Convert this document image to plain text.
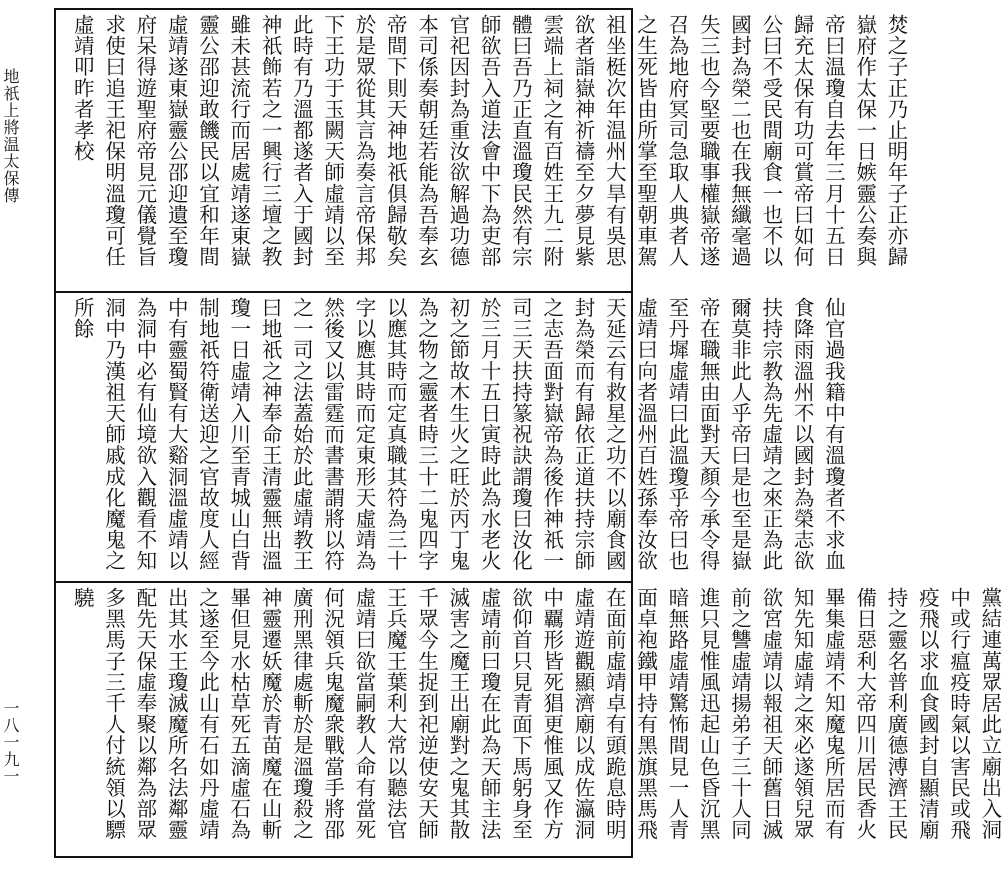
地祇上將温太保傳
一八一九一
焚之子正乃止明年子正亦歸嶽府作太保一日嫉靈公奏與帝曰温瓊自去年三月十五日歸充太保有功可賞帝曰如何公曰不受民間廟食一也不以國封為榮二也在我無纖毫過失三也今堅要職事權嶽帝遂召為地府冥司急取人典者人之生死皆由所掌至聖朝車駕祖坐梃次年温州大旱有吳思欲者詣嶽神祈禱至夕夢見紫雲端上祠之有百姓王九二附體曰吾乃正直溫瓊民然有宗師欲吾入道法會中下為吏部官祀因封為重汝欲解過功德本司係奏朝廷若能為吾奉玄帝間下則天神地祇俱歸敬矣於是眾從其言為奏言帝保邦下王功于玉闕天師虛靖以至此時有乃溫都遂者入于國封神祇飾若之一興行三壇之教雖未甚流行而居處靖遂東嶽靈公邵迎敢饑民以宜和年間虛靖遂東嶽靈公邵迎遺至瓊府呆得遊聖府帝見元儀覺旨求使曰追王祀保明溫瓊可任虛靖叩昨者孝校
仙官過我籍中有溫瓊者不求血食降雨溫州不以國封為榮志欲扶持宗教為先虛靖之來正為此爾莫非此人乎帝曰是也至是嶽帝在職無由面對天顏今承令得至丹墀虛靖曰此溫瓊乎帝曰也虛靖曰向者溫州百姓孫奉汝欲天延云有救星之功不以廟食國封為榮而有歸依正道扶持宗師之志吾面對嶽帝為後作神祇一司三天扶持篆祝訣謂瓊曰汝化於三月十五日寅時此為水老火初之節故木生火之旺於丙丁鬼為之物之靈者時三十二鬼四字以應其時而定真職其符為三十字以應其時而定東形天虛靖為然後又以雷霆而書書謂將以符之一司之法蓋始於此虛靖教王曰地祇之神奉命王清靈無出溫瓊一日虛靖入川至青城山白背制地祇符衛送迎之官故度人經中有靈蜀賢有大谿洞溫虛靖以為洞中必有仙境欲入觀看不知洞中乃漢祖天師戚成化魔鬼之所餘
黨結連萬眾居此立廟出入洞中或行瘟疫時氣以害民或飛疫飛以求血食國封自顯清廟持之靈名普利廣德溥濟王民備日惡利大帝四川居民香火畢集虛靖不知魔鬼所居而有知先知虛靖之來必遂領兒眾欲宮虛靖以報祖天師舊日滅前之讐虛靖揚弟子三十人同進只見惟風迅起山色昏沉黑暗無路虛靖驚怖間見一人青面卓袍鐵甲持有黑旗黑馬飛在面前虛靖卓有頭跪息時明虛靖遊觀顯濟廟以成佐瀛洞中覊形皆死猖更惟風又作方欲仰首只見青面下馬躬身至虛靖前曰瓊在此為天師主法滅害之魔王出廟對之鬼其散千眾今生捉到祀逆使安天師王兵魔王葉利大常以聽法官虛靖曰欲當嗣教人命有當死何況領兵鬼魔衆戰當手將邵廣刑黑律處斬於是溫瓊殺之神靈遷妖魔於青苗魔在山斬畢但見水枯草死五滴虛石為之遂至今此山有石如丹虛靖出其水王瓊滅魔所名法鄰靈配先天保虛奉聚以鄰為部眾多黑馬子三千人付統領以驃驍
